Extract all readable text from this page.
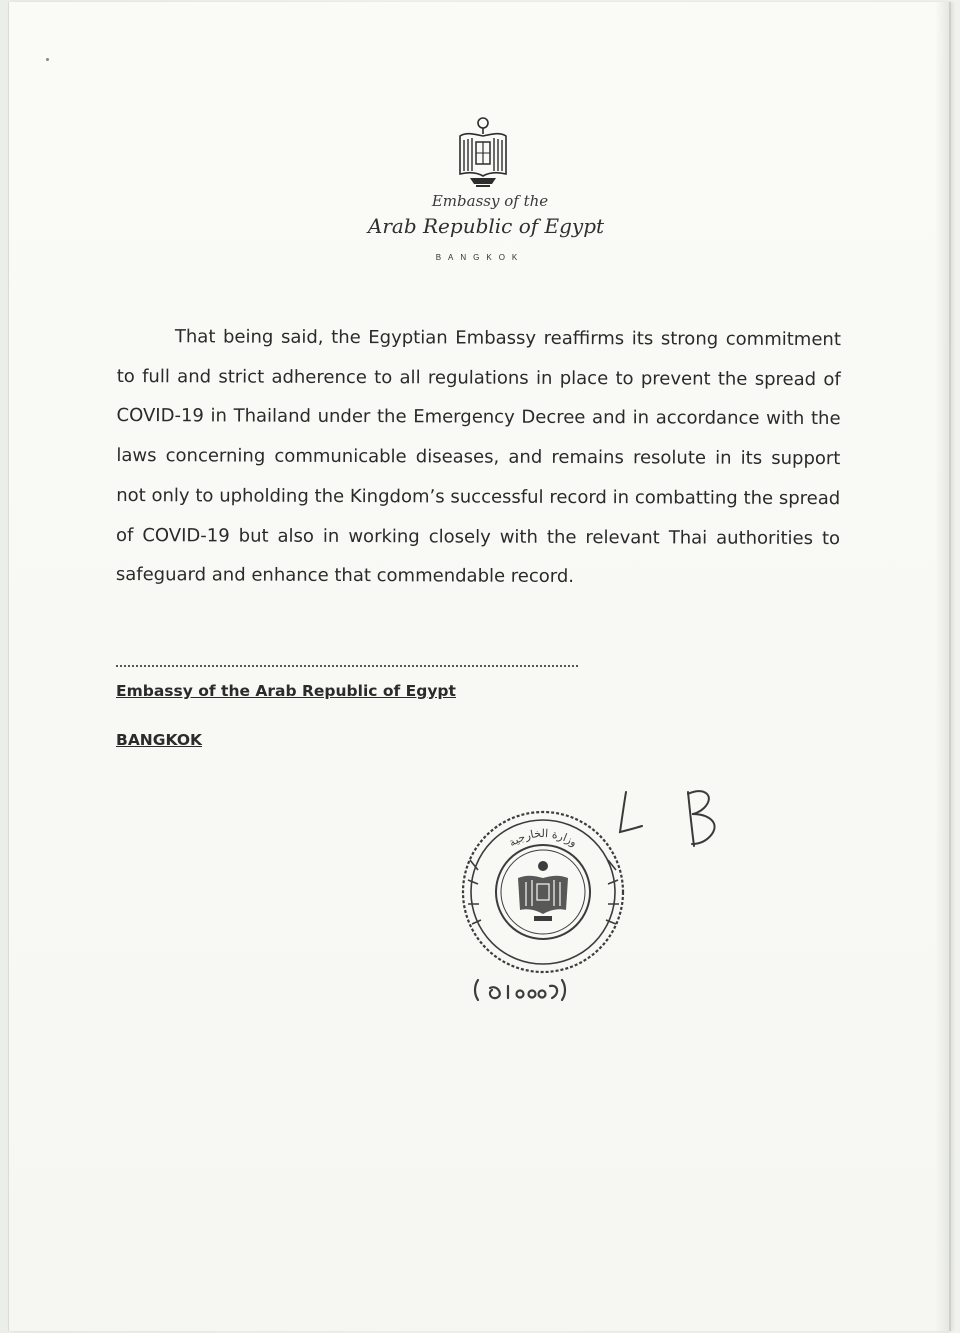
Embassy of the
Arab Republic of Egypt
BANGKOK
That being said, the Egyptian Embassy reaffirms its strong commitment to full and strict adherence to all regulations in place to prevent the spread of COVID-19 in Thailand under the Emergency Decree and in accordance with the laws concerning communicable diseases, and remains resolute in its support not only to upholding the Kingdom’s successful record in combatting the spread of COVID-19 but also in working closely with the relevant Thai authorities to safeguard and enhance that commendable record.
Embassy of the Arab Republic of Egypt
BANGKOK
وزارة الخارجية
(٥٠٠٠٩)
